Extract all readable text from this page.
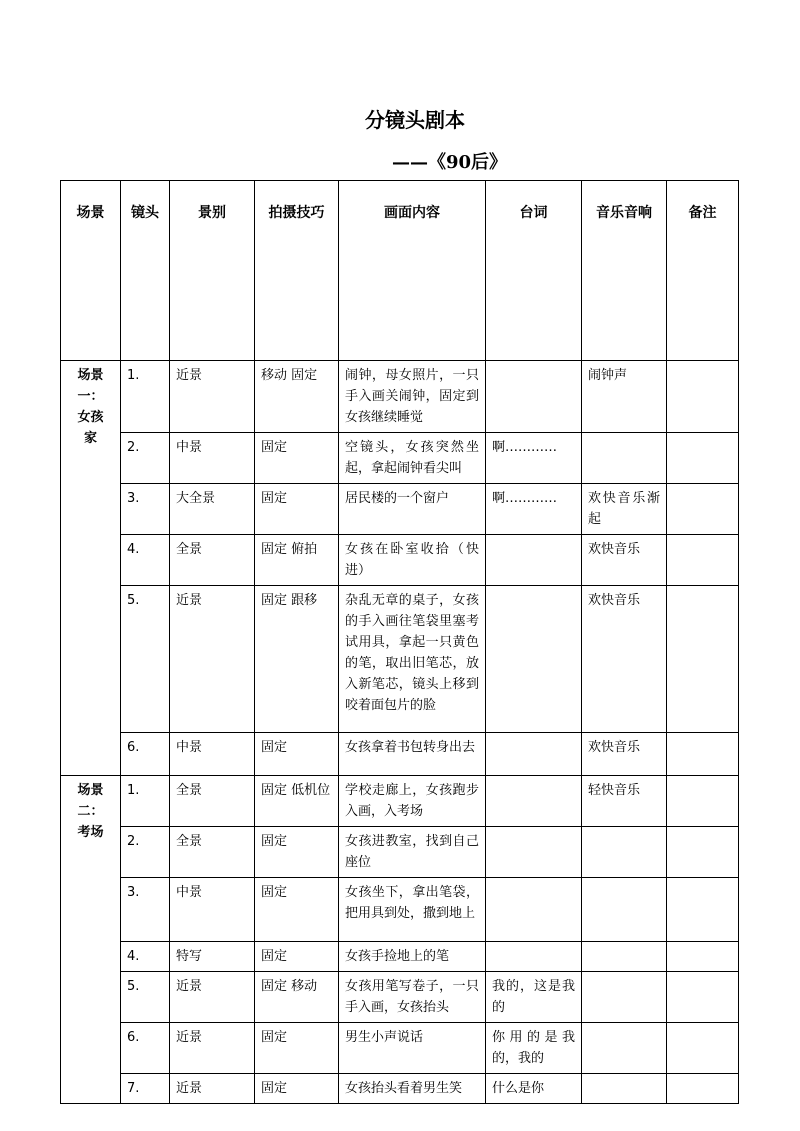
分镜头剧本
——《90后》
场景	镜头	景别	拍摄技巧	画面内容	台词	音乐音响	备注

场景一：女孩家	1.	近景	移动 固定	闹钟，母女照片，一只手入画关闹钟，固定到女孩继续睡觉		闹钟声	
	2.	中景	固定	空镜头，女孩突然坐起，拿起闹钟看尖叫	啊…………		
	3.	大全景	固定	居民楼的一个窗户	啊…………	欢快音乐渐起	
	4.	全景	固定 俯拍	女孩在卧室收拾（快进）		欢快音乐	
	5.	近景	固定 跟移	杂乱无章的桌子，女孩的手入画往笔袋里塞考试用具，拿起一只黄色的笔，取出旧笔芯，放入新笔芯，镜头上移到咬着面包片的脸		欢快音乐	
	6.	中景	固定	女孩拿着书包转身出去		欢快音乐	

场景二：考场	1.	全景	固定 低机位	学校走廊上，女孩跑步入画，入考场		轻快音乐	
	2.	全景	固定	女孩进教室，找到自己座位			
	3.	中景	固定	女孩坐下，拿出笔袋，把用具到处，撒到地上			
	4.	特写	固定	女孩手捡地上的笔			
	5.	近景	固定 移动	女孩用笔写卷子，一只手入画，女孩抬头	我的，这是我的		
	6.	近景	固定	男生小声说话	你用的是我的，我的		
	7.	近景	固定	女孩抬头看着男生笑	什么是你		
